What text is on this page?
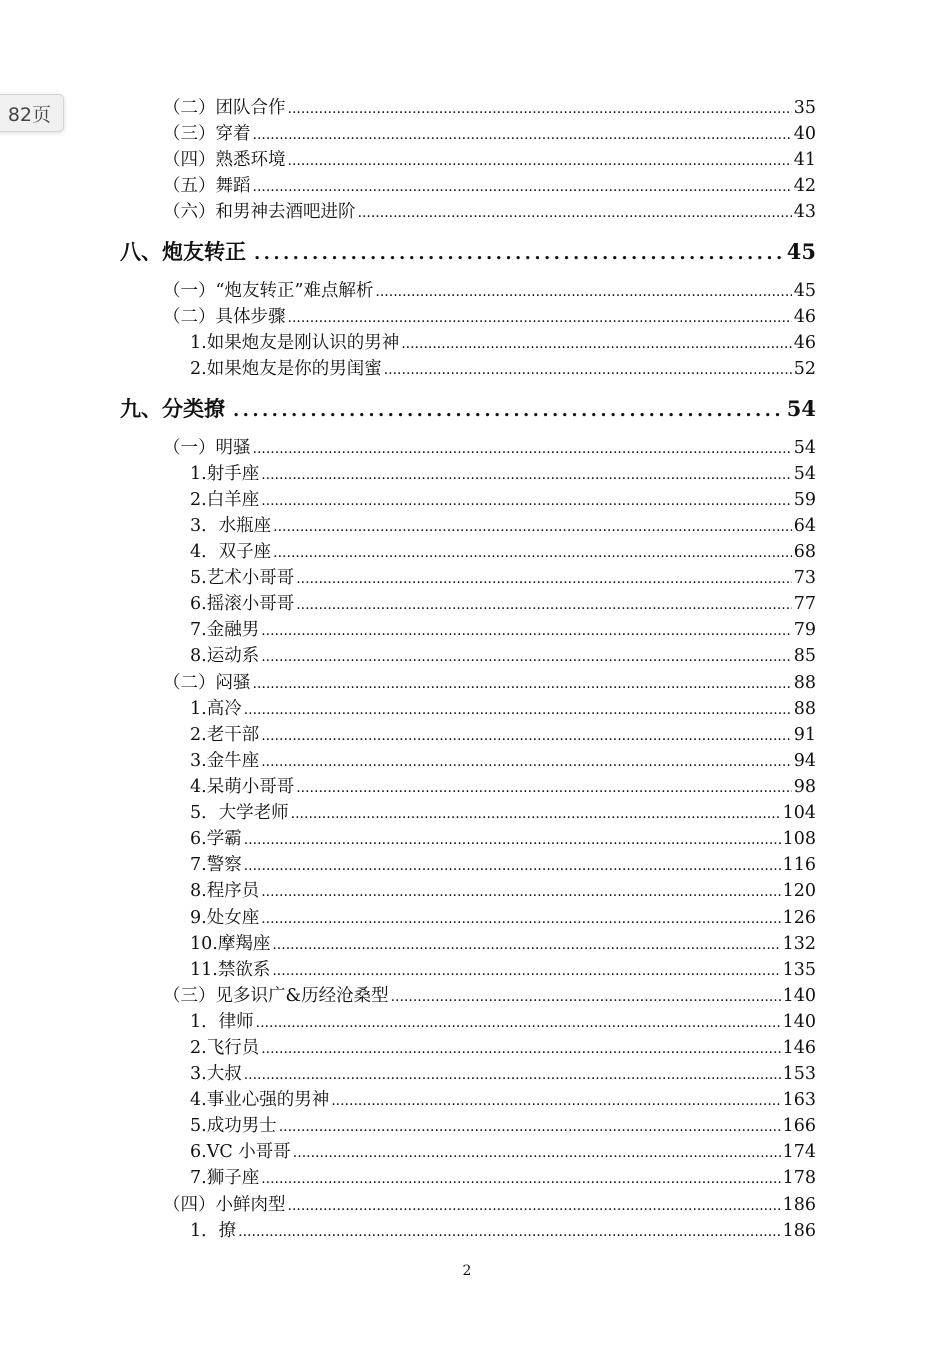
82页	（二）团队合作 .....	35
（三）穿着 .....	40
（四）熟悉环境 .....	41
（五）舞蹈 .....	42
（六）和男神去酒吧进阶 .....	43
八、炮友转正 .....	45
（一）“炮友转正”难点解析 .....	45
（二）具体步骤 .....	46
1.如果炮友是刚认识的男神 .....	46
2.如果炮友是你的男闺蜜 .....	52
九、分类撩 .....	54
（一）明骚 .....	54
1.射手座 .....	54
2.白羊座 .....	59
3．水瓶座 .....	64
4．双子座 .....	68
5.艺术小哥哥 .....	73
6.摇滚小哥哥 .....	77
7.金融男 .....	79
8.运动系 .....	85
（二）闷骚 .....	88
1.高冷 .....	88
2.老干部 .....	91
3.金牛座 .....	94
4.呆萌小哥哥 .....	98
5．大学老师 .....	104
6.学霸 .....	108
7.警察 .....	116
8.程序员 .....	120
9.处女座 .....	126
10.摩羯座 .....	132
11.禁欲系 .....	135
（三）见多识广&历经沧桑型 .....	140
1．律师 .....	140
2.飞行员 .....	146
3.大叔 .....	153
4.事业心强的男神 .....	163
5.成功男士 .....	166
6.VC 小哥哥 .....	174
7.狮子座 .....	178
（四）小鲜肉型 .....	186
1．撩 .....	186
2
